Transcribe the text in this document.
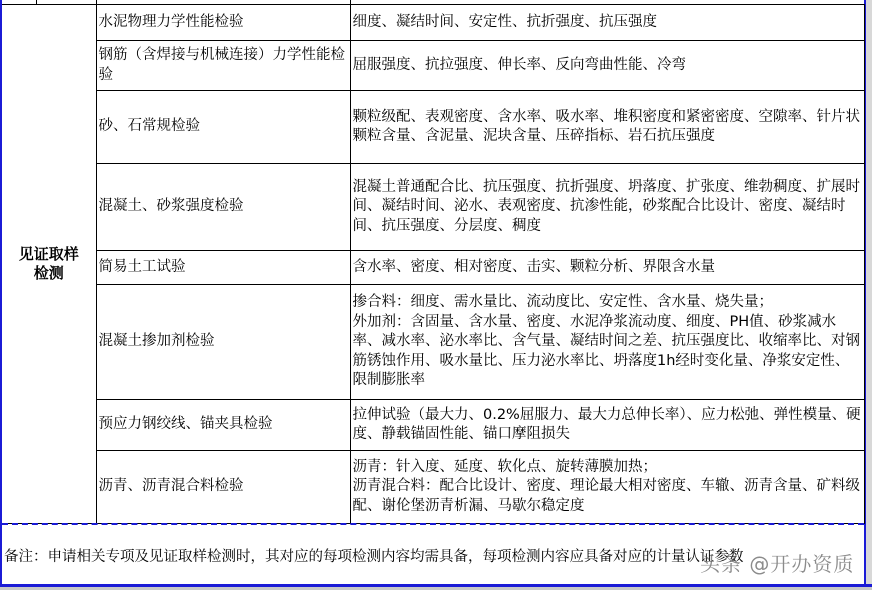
见证取样检测	水泥物理力学性能检验	细度、凝结时间、安定性、抗折强度、抗压强度

	钢筋（含焊接与机械连接）力学性能检验	屈服强度、抗拉强度、伸长率、反向弯曲性能、冷弯

	砂、石常规检验	颗粒级配、表观密度、含水率、吸水率、堆积密度和紧密密度、空隙率、针片状颗粒含量、含泥量、泥块含量、压碎指标、岩石抗压强度

	混凝土、砂浆强度检验	混凝土普通配合比、抗压强度、抗折强度、坍落度、扩张度、维勃稠度、扩展时间、凝结时间、泌水、表观密度、抗渗性能，砂浆配合比设计、密度、凝结时间、抗压强度、分层度、稠度

	简易土工试验	含水率、密度、相对密度、击实、颗粒分析、界限含水量

	混凝土掺加剂检验	掺合料：细度、需水量比、流动度比、安定性、含水量、烧失量；
外加剂：含固量、含水量、密度、水泥净浆流动度、细度、PH值、砂浆减水率、减水率、泌水率比、含气量、凝结时间之差、抗压强度比、收缩率比、对钢筋锈蚀作用、吸水量比、压力泌水率比、坍落度1h经时变化量、净浆安定性、限制膨胀率

	预应力钢绞线、锚夹具检验	拉伸试验（最大力、0.2%屈服力、最大力总伸长率）、应力松弛、弹性模量、硬度、静载锚固性能、锚口摩阻损失

	沥青、沥青混合料检验	沥青：针入度、延度、软化点、旋转薄膜加热；
沥青混合料：配合比设计、密度、理论最大相对密度、车辙、沥青含量、矿料级配、谢伦堡沥青析漏、马歇尔稳定度
备注：申请相关专项及见证取样检测时，其对应的每项检测内容均需具备，每项检测内容应具备对应的计量认证参数
头条 @开办资质
